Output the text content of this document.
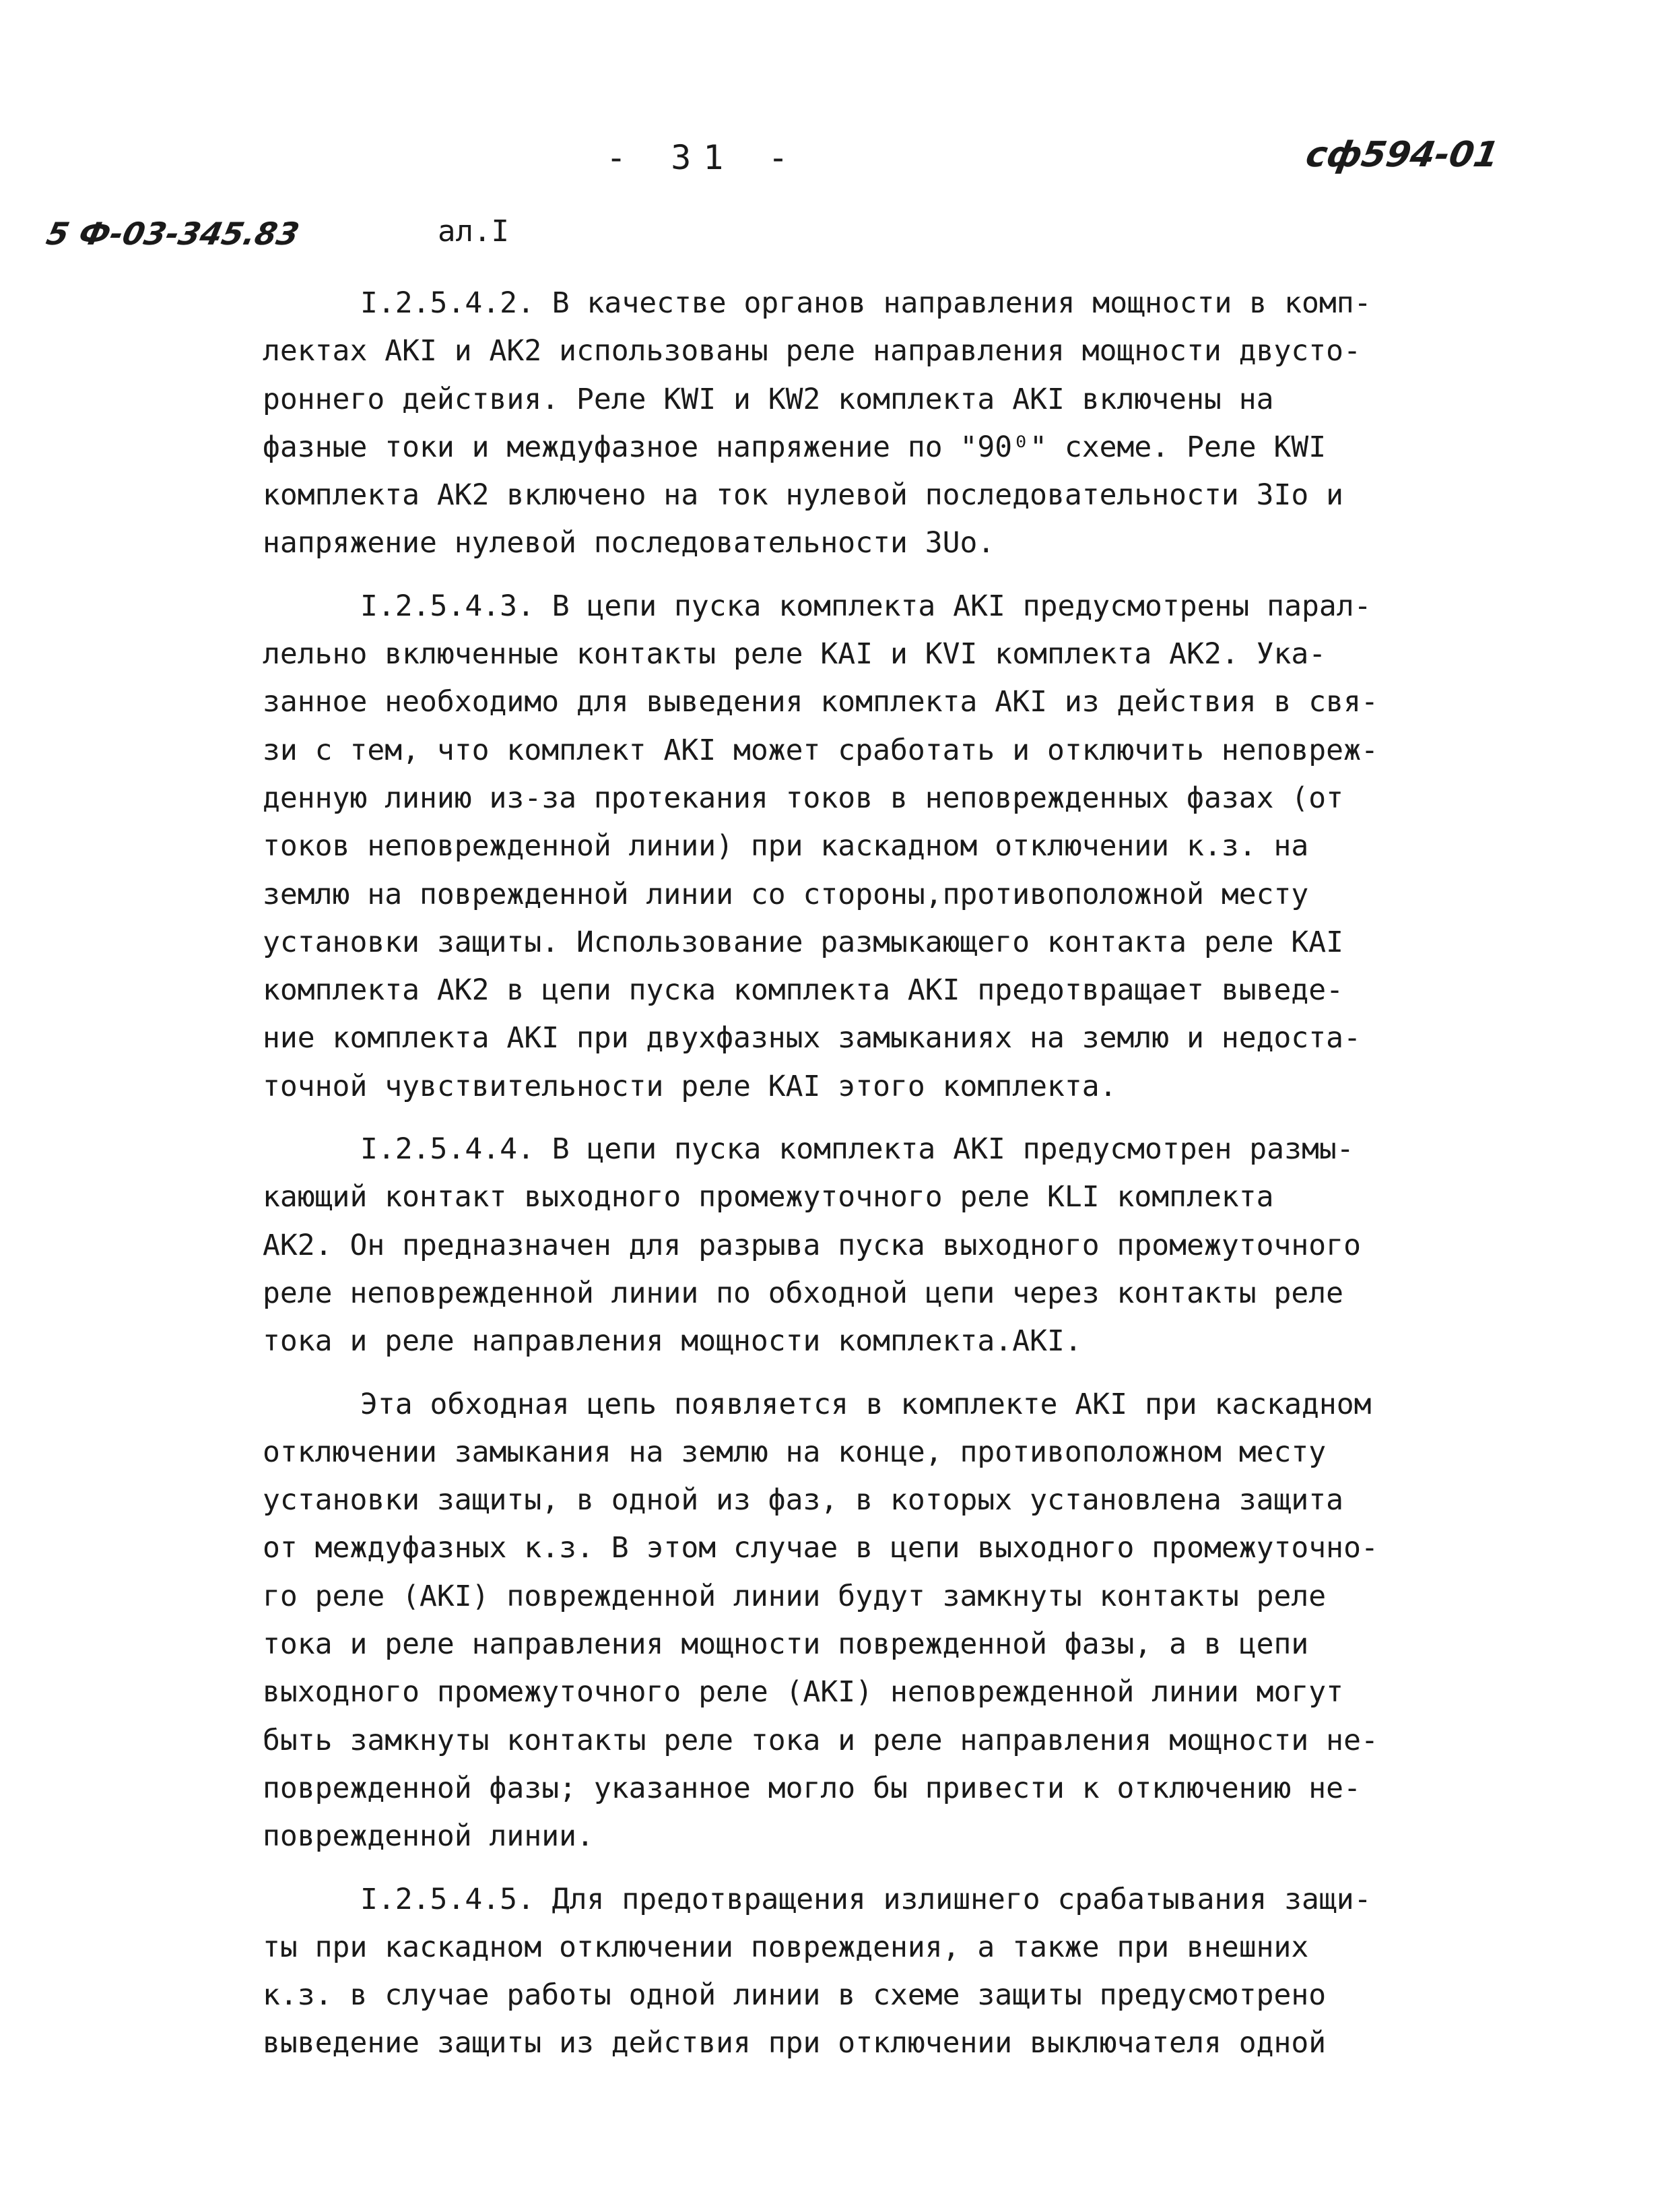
- 31 -	сф594-01
5 Ф-03-345.83	ал.I
I.2.5.4.2. В качестве органов направления мощности в комп-
лектах АКI и АК2 использованы реле направления мощности двусто-
роннего действия. Реле KWI и KW2 комплекта АКI включены на
фазные токи и междуфазное напряжение по "90⁰" схеме. Реле KWI
комплекта АК2 включено на ток нулевой последовательности 3Io и
напряжение нулевой последовательности 3Uo.
I.2.5.4.3. В цепи пуска комплекта АКI предусмотрены парал-
лельно включенные контакты реле КАI и КVI комплекта АК2. Ука-
занное необходимо для выведения комплекта АКI из действия в свя-
зи с тем, что комплект АКI может сработать и отключить неповреж-
денную линию из-за протекания токов в неповрежденных фазах (от
токов неповрежденной линии) при каскадном отключении к.з. на
землю на поврежденной линии со стороны,противоположной месту
установки защиты. Использование размыкающего контакта реле КАI
комплекта АК2 в цепи пуска комплекта АКI предотвращает выведе-
ние комплекта АКI при двухфазных замыканиях на землю и недоста-
точной чувствительности реле КАI этого комплекта.
I.2.5.4.4. В цепи пуска комплекта АКI предусмотрен размы-
кающий контакт выходного промежуточного реле КLI комплекта
АК2. Он предназначен для разрыва пуска выходного промежуточного
реле неповрежденной линии по обходной цепи через контакты реле
тока и реле направления мощности комплекта.АКI.
Эта обходная цепь появляется в комплекте АКI при каскадном
отключении замыкания на землю на конце, противоположном месту
установки защиты, в одной из фаз, в которых установлена защита
от междуфазных к.з. В этом случае в цепи выходного промежуточно-
го реле (АКI) поврежденной линии будут замкнуты контакты реле
тока и реле направления мощности поврежденной фазы, а в цепи
выходного промежуточного реле (АКI) неповрежденной линии могут
быть замкнуты контакты реле тока и реле направления мощности не-
поврежденной фазы; указанное могло бы привести к отключению не-
поврежденной линии.
I.2.5.4.5. Для предотвращения излишнего срабатывания защи-
ты при каскадном отключении повреждения, а также при внешних
к.з. в случае работы одной линии в схеме защиты предусмотрено
выведение защиты из действия при отключении выключателя одной
